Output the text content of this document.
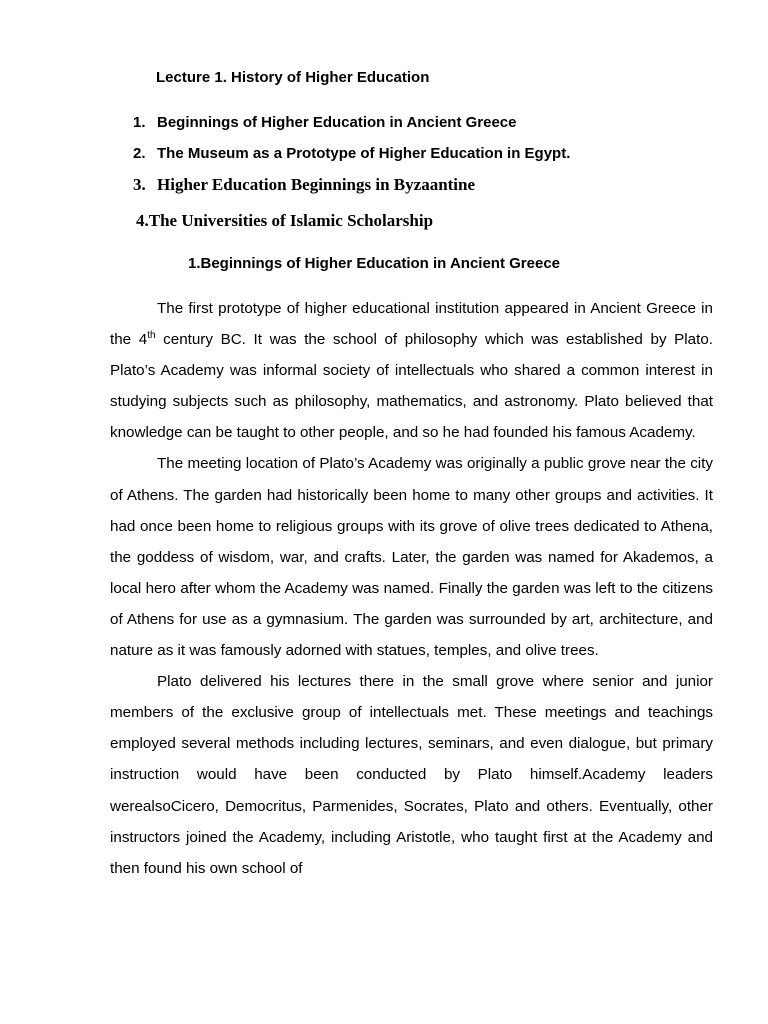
Lecture 1. History of Higher Education
1. Beginnings of Higher Education in Ancient Greece
2. The Museum as a Prototype of Higher Education in Egypt.
3. Higher Education Beginnings in Byzaantine
4.The Universities of Islamic Scholarship
1.Beginnings of Higher Education in Ancient Greece

The first prototype of higher educational institution appeared in Ancient Greece in the 4th century BC. It was the school of philosophy which was established by Plato. Plato’s Academy was informal society of intellectuals who shared a common interest in studying subjects such as philosophy, mathematics, and astronomy. Plato believed that knowledge can be taught to other people, and so he had founded his famous Academy.

The meeting location of Plato’s Academy was originally a public grove near the city of Athens. The garden had historically been home to many other groups and activities. It had once been home to religious groups with its grove of olive trees dedicated to Athena, the goddess of wisdom, war, and crafts. Later, the garden was named for Akademos, a local hero after whom the Academy was named. Finally the garden was left to the citizens of Athens for use as a gymnasium. The garden was surrounded by art, architecture, and nature as it was famously adorned with statues, temples, and olive trees.

Plato delivered his lectures there in the small grove where senior and junior members of the exclusive group of intellectuals met. These meetings and teachings employed several methods including lectures, seminars, and even dialogue, but primary instruction would have been conducted by Plato himself.Academy leaders werealsoCicero, Democritus, Parmenides, Socrates, Plato and others. Eventually, other instructors joined the Academy, including Aristotle, who taught first at the Academy and then found his own school of
